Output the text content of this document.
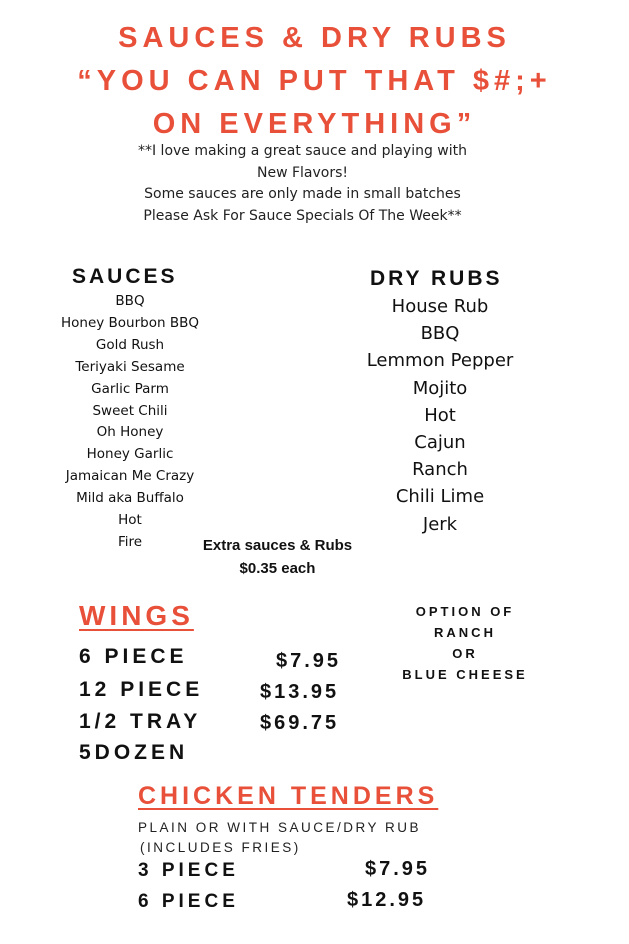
SAUCES & DRY RUBS
“YOU CAN PUT THAT $#;+
ON EVERYTHING”
**I love making a great sauce and playing with
New Flavors!
Some sauces are only made in small batches
Please Ask For Sauce Specials Of The Week**
SAUCES
BBQ
Honey Bourbon BBQ
Gold Rush
Teriyaki Sesame
Garlic Parm
Sweet Chili
Oh Honey
Honey Garlic
Jamaican Me Crazy
Mild aka Buffalo
Hot
Fire
DRY RUBS
House Rub
BBQ
Lemmon Pepper
Mojito
Hot
Cajun
Ranch
Chili Lime
Jerk
Extra sauces & Rubs
$0.35 each
WINGS
6 PIECE	$7.95
12 PIECE	$13.95
1/2 TRAY	$69.75
5DOZEN
OPTION OF
RANCH
OR
BLUE CHEESE
CHICKEN TENDERS
PLAIN OR WITH SAUCE/DRY RUB
(INCLUDES FRIES)
3 PIECE	$7.95
6 PIECE	$12.95
